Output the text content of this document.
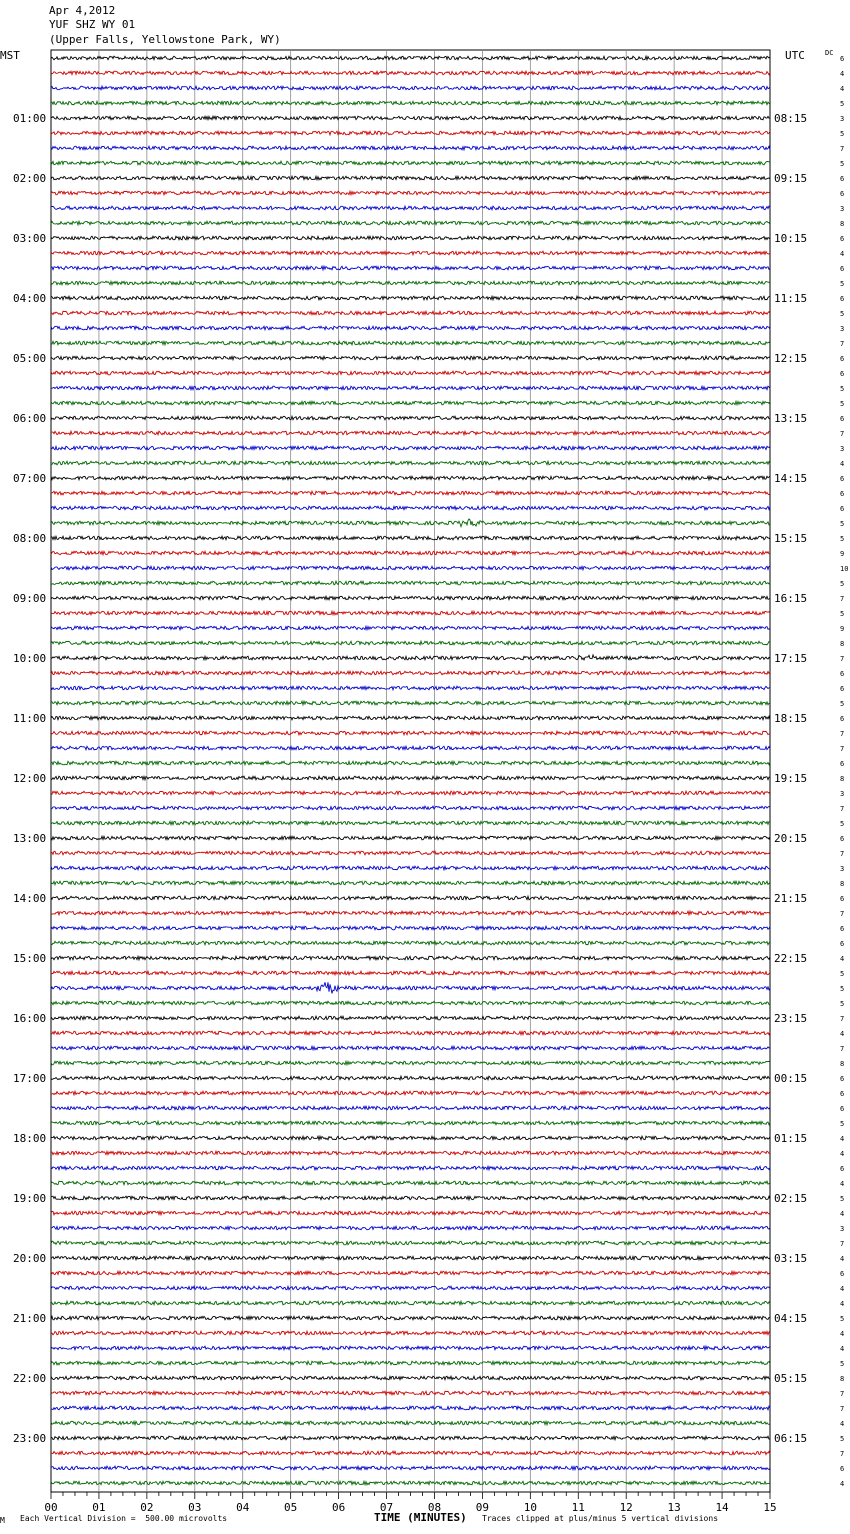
Apr 4,2012
YUF SHZ WY 01
(Upper Falls, Yellowstone Park, WY)
MST	UTC	DC
6
4
4
5
3
5
7
5
6
6
3
8
6
4
6
5
6
5
3
7
6
6
5
5
6
7
3
4
6
6
6
5
5
9
10
5
7
5
9
8
7
6
6
5
6
7
7
6
8
3
7
5
6
7
3
8
6
7
6
6
4
5
5
5
7
4
7
8
6
6
6
5
4
4
6
4
5
4
3
7
4
6
4
4
5
4
4
5
8
7
7
4
5
7
6
4
01:00
02:00
03:00
04:00
05:00
06:00
07:00
08:00
09:00
10:00
11:00
12:00
13:00
14:00
15:00
16:00
17:00
18:00
19:00
20:00
21:00
22:00
23:00
08:15
09:15
10:15
11:15
12:15
13:15
14:15
15:15
16:15
17:15
18:15
19:15
20:15
21:15
22:15
23:15
00:15
01:15
02:15
03:15
04:15
05:15
06:15
00	01	02	03	04	05	06	07	08	09	10	11	12	13	14	15
M Each Vertical Division =  500.00 microvolts	TIME (MINUTES) Traces clipped at plus/minus 5 vertical divisions
